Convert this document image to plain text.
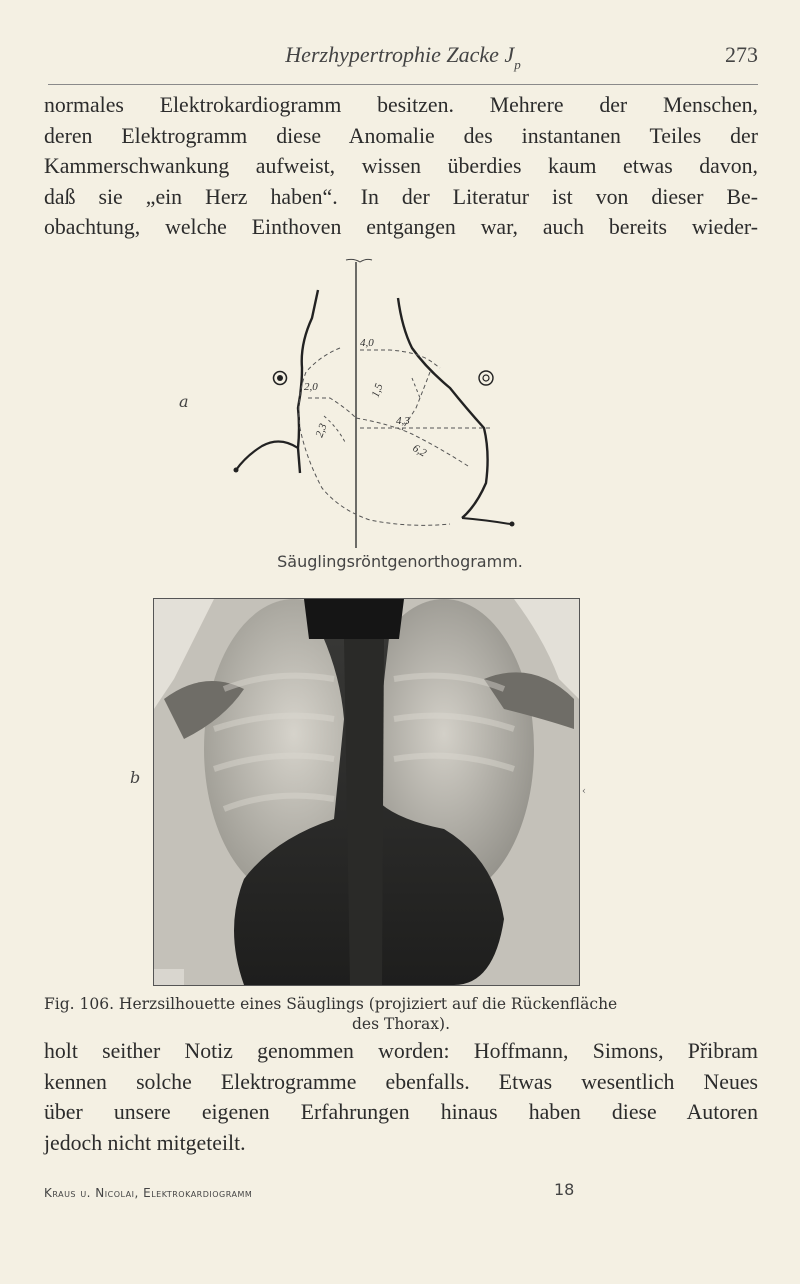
Herzhypertrophie Zacke $J_p$	273
normales Elektrokardiogramm besitzen. Mehrere der Menschen,
deren Elektrogramm diese Anomalie des instantanen Teiles der
Kammerschwankung aufweist, wissen überdies kaum etwas davon,
daß sie „ein Herz haben“. In der Literatur ist von dieser Be-
obachtung, welche Einthoven entgangen war, auch bereits wieder-
4,0
2,0
4,3
6,2
1,5
2,3
a
Säuglingsröntgenorthogramm.
b
‹
Fig. 106. Herzsilhouette eines Säuglings (projiziert auf die Rückenfläche
des Thorax).
holt seither Notiz genommen worden: Hoffmann, Simons, Přibram
kennen solche Elektrogramme ebenfalls. Etwas wesentlich Neues
über unsere eigenen Erfahrungen hinaus haben diese Autoren
jedoch nicht mitgeteilt.
Kraus u. Nicolai, Elektrokardiogramm	18
